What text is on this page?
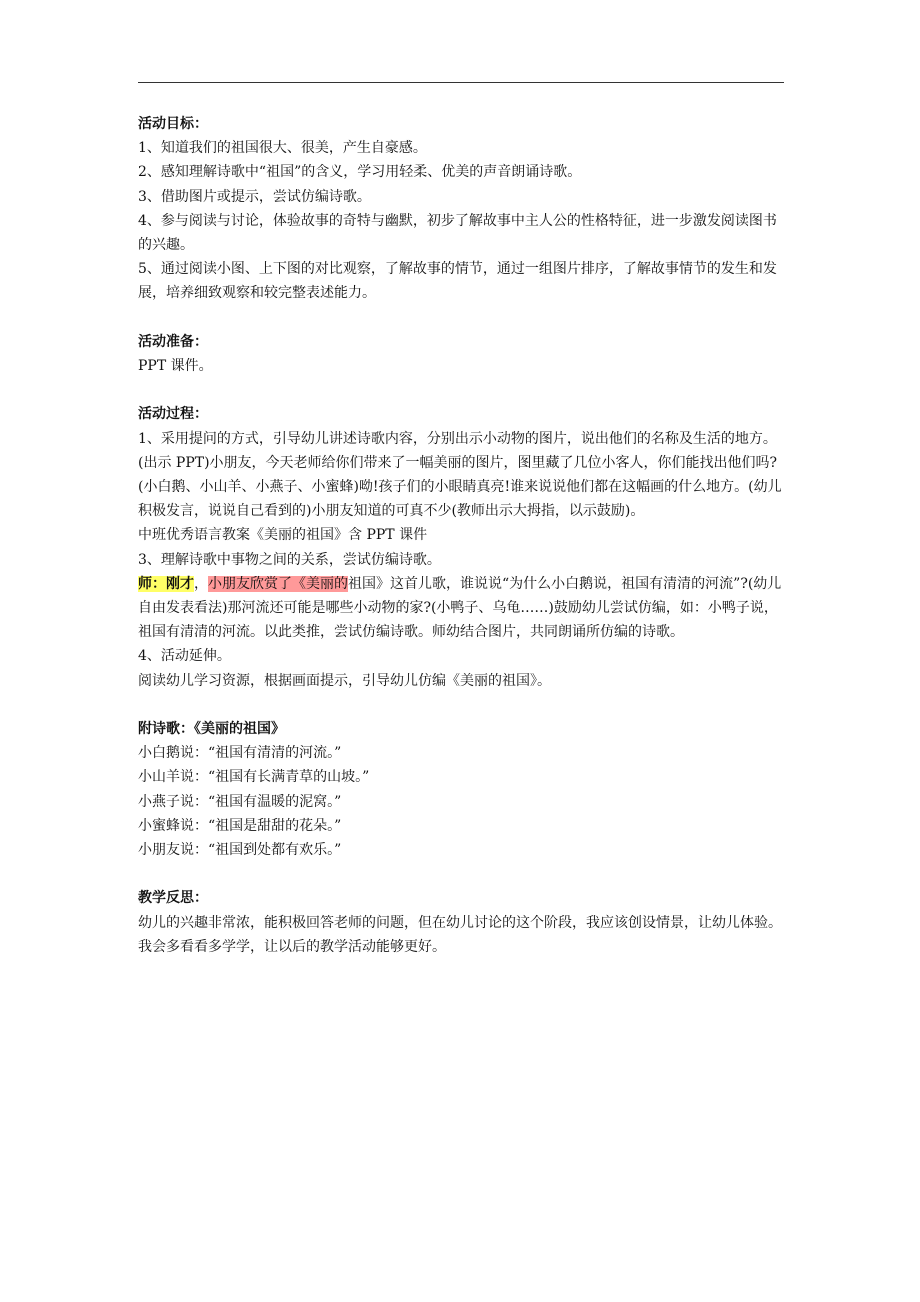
活动目标：

1、知道我们的祖国很大、很美，产生自豪感。

2、感知理解诗歌中“祖国”的含义，学习用轻柔、优美的声音朗诵诗歌。

3、借助图片或提示，尝试仿编诗歌。

4、参与阅读与讨论，体验故事的奇特与幽默，初步了解故事中主人公的性格特征，进一步激发阅读图书的兴趣。

5、通过阅读小图、上下图的对比观察，了解故事的情节，通过一组图片排序，了解故事情节的发生和发展，培养细致观察和较完整表述能力。

活动准备：

PPT 课件。

活动过程：

1、采用提问的方式，引导幼儿讲述诗歌内容，分别出示小动物的图片，说出他们的名称及生活的地方。

(出示 PPT)小朋友，今天老师给你们带来了一幅美丽的图片，图里藏了几位小客人，你们能找出他们吗?(小白鹅、小山羊、小燕子、小蜜蜂)呦!孩子们的小眼睛真亮!谁来说说他们都在这幅画的什么地方。(幼儿积极发言，说说自己看到的)小朋友知道的可真不少(教师出示大拇指，以示鼓励)。

中班优秀语言教案《美丽的祖国》含 PPT 课件

3、理解诗歌中事物之间的关系，尝试仿编诗歌。

师：刚才，小朋友欣赏了《美丽的祖国》这首儿歌，谁说说“为什么小白鹅说，祖国有清清的河流”?(幼儿自由发表看法)那河流还可能是哪些小动物的家?(小鸭子、乌龟……)鼓励幼儿尝试仿编，如：小鸭子说，祖国有清清的河流。以此类推，尝试仿编诗歌。师幼结合图片，共同朗诵所仿编的诗歌。

4、活动延伸。

阅读幼儿学习资源，根据画面提示，引导幼儿仿编《美丽的祖国》。

附诗歌：《美丽的祖国》

小白鹅说：“祖国有清清的河流。”

小山羊说：“祖国有长满青草的山坡。”

小燕子说：“祖国有温暖的泥窝。”

小蜜蜂说：“祖国是甜甜的花朵。”

小朋友说：“祖国到处都有欢乐。”

教学反思：

幼儿的兴趣非常浓，能积极回答老师的问题，但在幼儿讨论的这个阶段，我应该创设情景，让幼儿体验。我会多看看多学学，让以后的教学活动能够更好。
